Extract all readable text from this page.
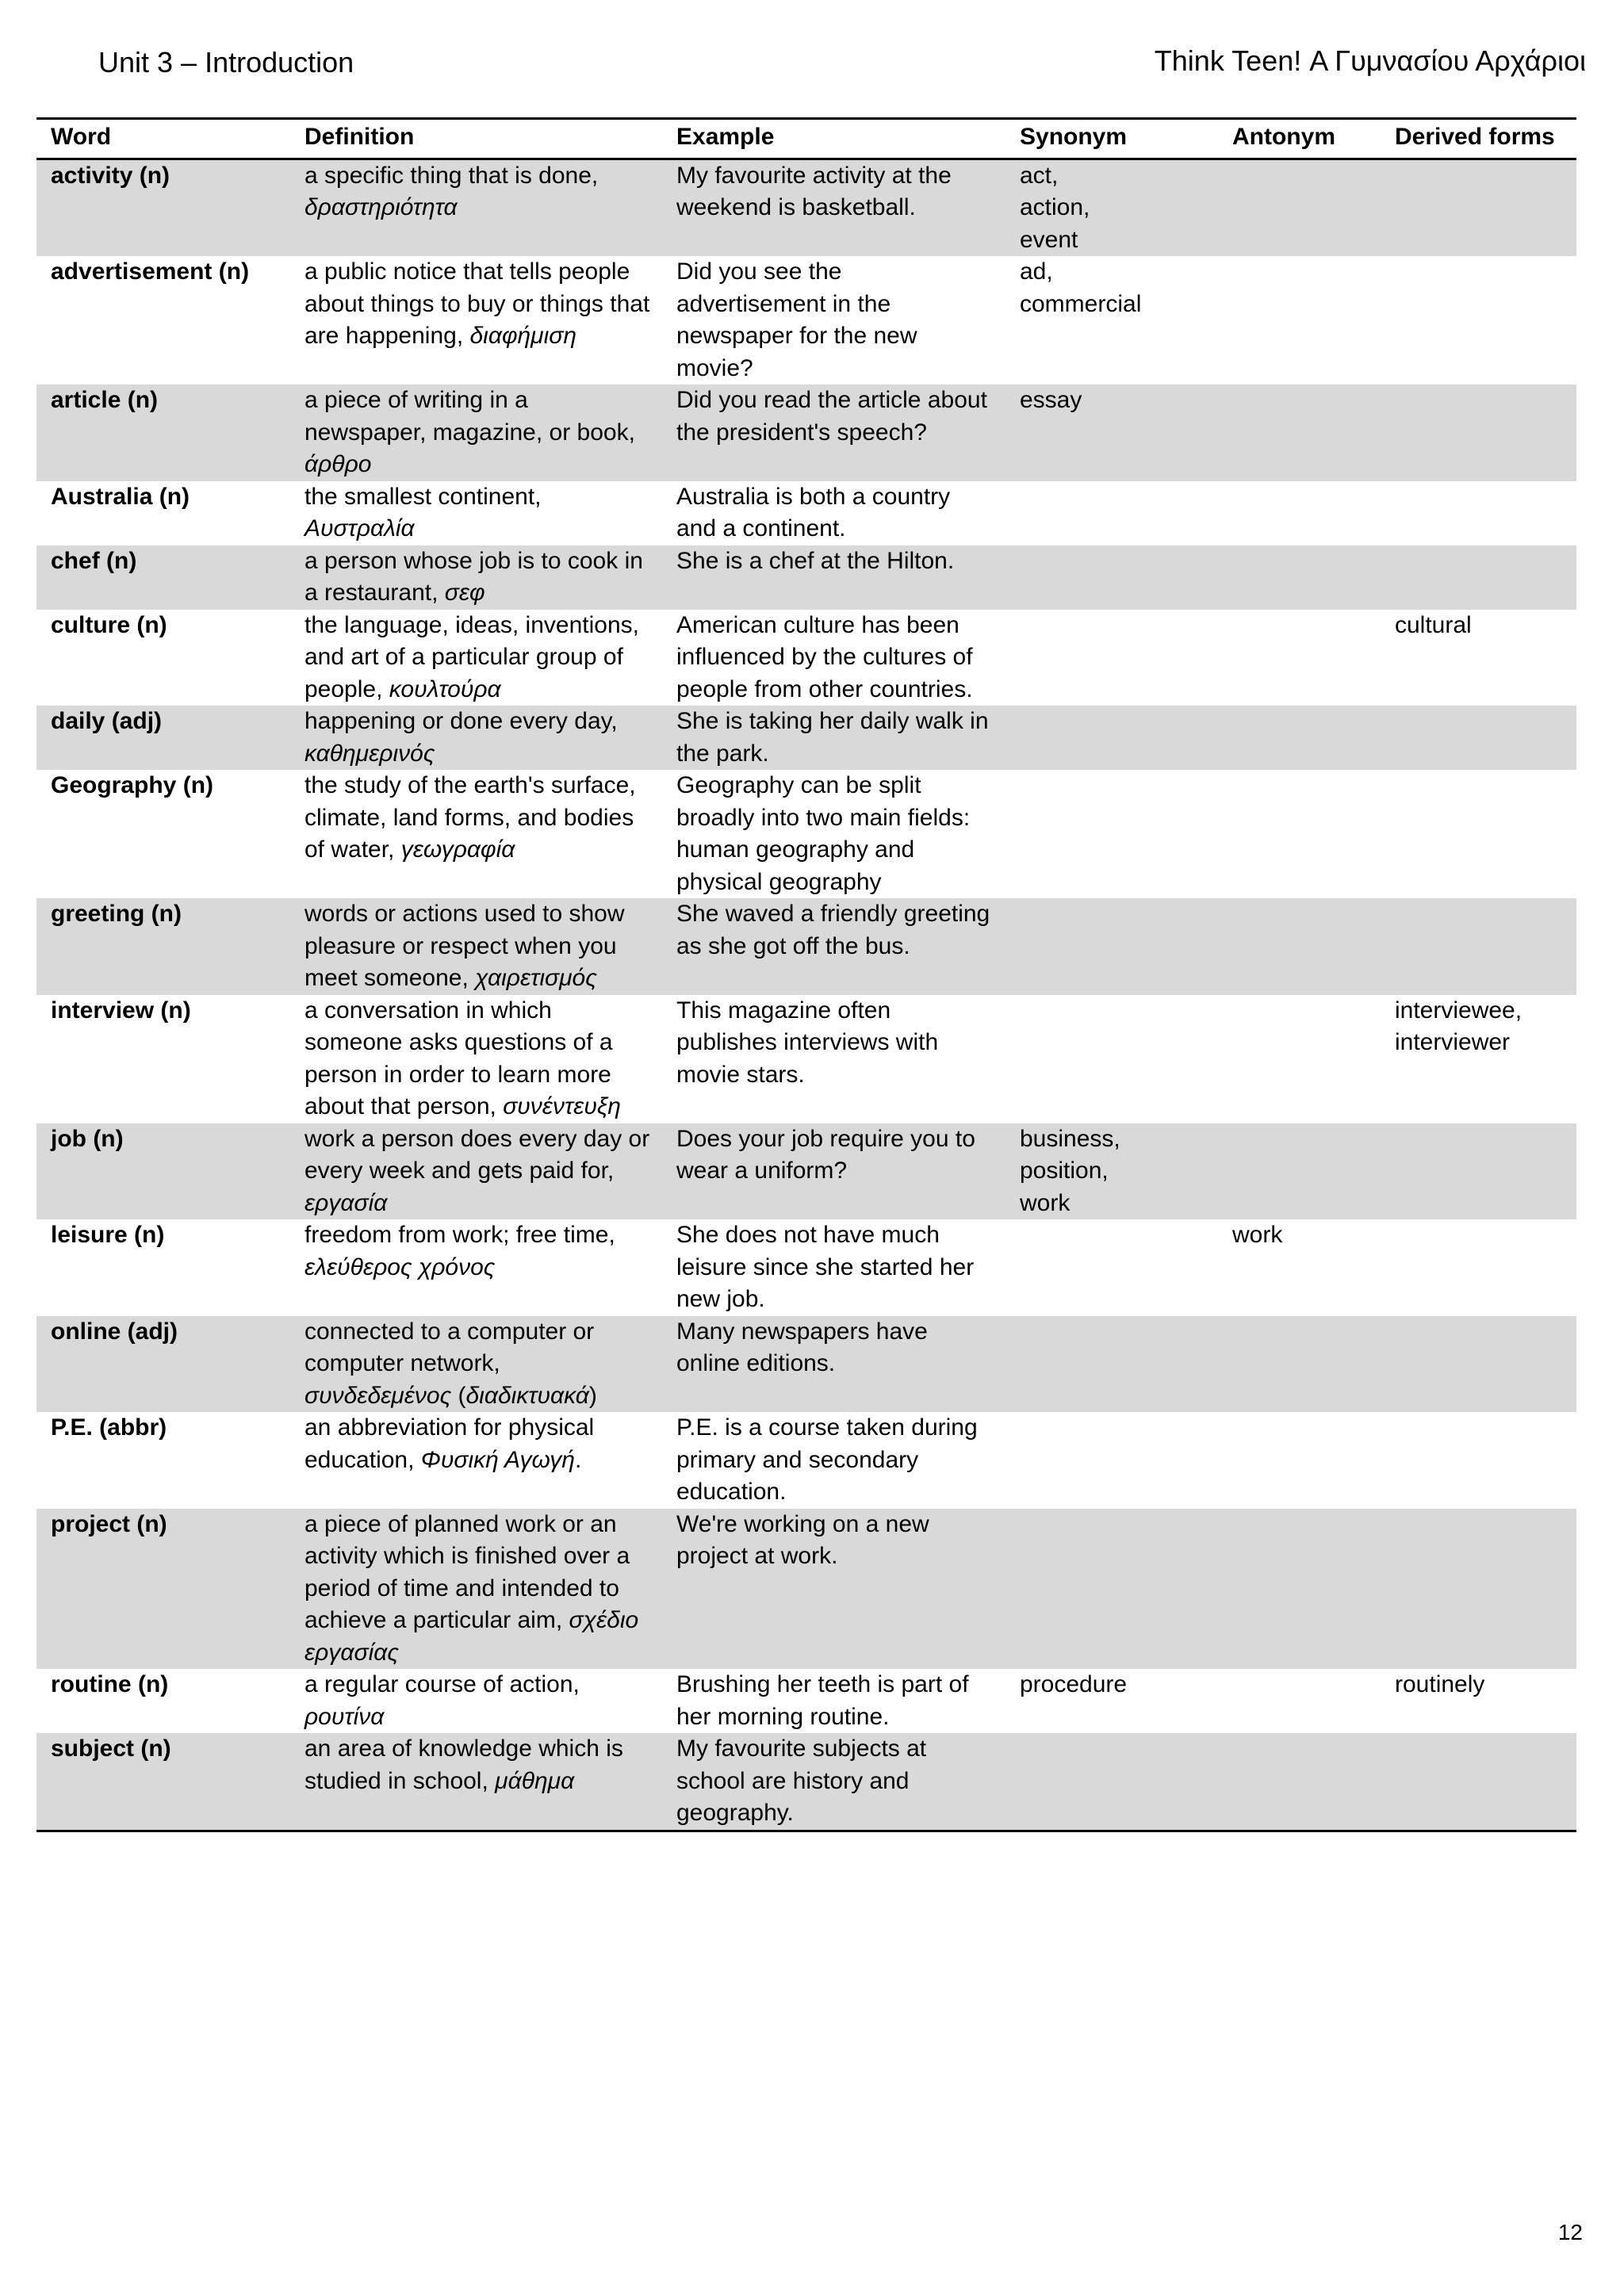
Unit 3 – Introduction	Think Teen! Α Γυμνασίου Αρχάριοι
Word	Definition	Example	Synonym	Antonym	Derived forms
activity (n)	a specific thing that is done, δραστηριότητα	My favourite activity at the weekend is basketball.	act,
action,
event		
advertisement (n)	a public notice that tells people about things to buy or things that are happening, διαφήμιση	Did you see the advertisement in the newspaper for the new movie?	ad,
commercial		
article (n)	a piece of writing in a newspaper, magazine, or book, άρθρο	Did you read the article about the president's speech?	essay		
Australia (n)	the smallest continent, Αυστραλία	Australia is both a country and a continent.			
chef (n)	a person whose job is to cook in a restaurant, σεφ	She is a chef at the Hilton.			
culture (n)	the language, ideas, inventions, and art of a particular group of people, κουλτούρα	American culture has been influenced by the cultures of people from other countries.			cultural
daily (adj)	happening or done every day, καθημερινός	She is taking her daily walk in the park.			
Geography (n)	the study of the earth's surface, climate, land forms, and bodies of water, γεωγραφία	Geography can be split broadly into two main fields: human geography and physical geography			
greeting (n)	words or actions used to show pleasure or respect when you meet someone, χαιρετισμός	She waved a friendly greeting as she got off the bus.			
interview (n)	a conversation in which someone asks questions of a person in order to learn more about that person, συνέντευξη	This magazine often publishes interviews with movie stars.			interviewee,
interviewer
job (n)	work a person does every day or every week and gets paid for, εργασία	Does your job require you to wear a uniform?	business,
position,
work		
leisure (n)	freedom from work; free time, ελεύθερος χρόνος	She does not have much leisure since she started her new job.		work	
online (adj)	connected to a computer or computer network, συνδεδεμένος (διαδικτυακά)	Many newspapers have online editions.			
P.E. (abbr)	an abbreviation for physical education, Φυσική Αγωγή.	P.E. is a course taken during primary and secondary education.			
project (n)	a piece of planned work or an activity which is finished over a period of time and intended to achieve a particular aim, σχέδιο εργασίας	We're working on a new project at work.			
routine (n)	a regular course of action, ρουτίνα	Brushing her teeth is part of her morning routine.	procedure		routinely
subject (n)	an area of knowledge which is studied in school, μάθημα	My favourite subjects at school are history and geography.			
12
